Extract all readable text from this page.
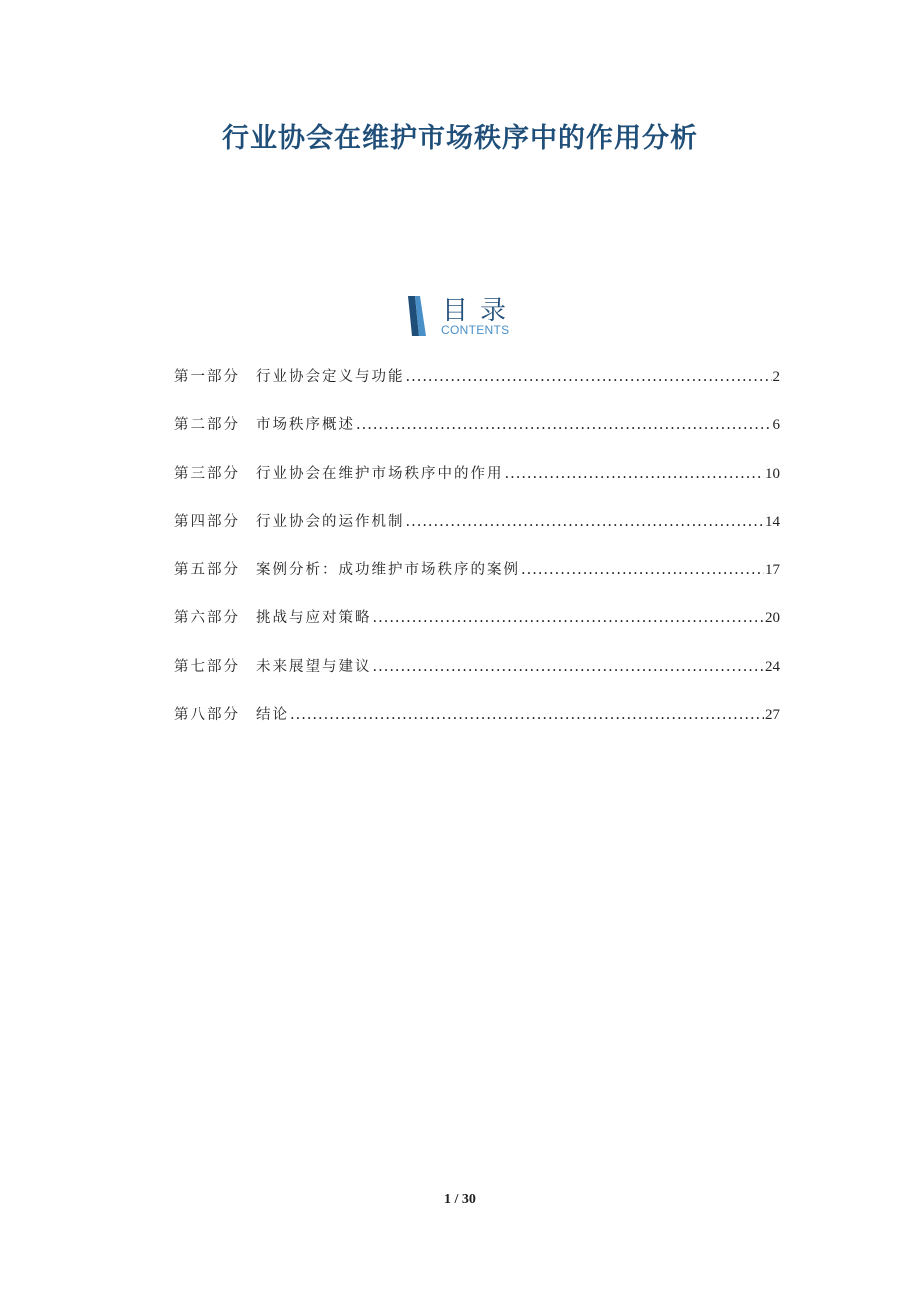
行业协会在维护市场秩序中的作用分析
目录
CONTENTS
第一部分	行业协会定义与功能 .....	2
第二部分	市场秩序概述 .....	6
第三部分	行业协会在维护市场秩序中的作用 .....	10
第四部分	行业协会的运作机制 .....	14
第五部分	案例分析：成功维护市场秩序的案例 .....	17
第六部分	挑战与应对策略 .....	20
第七部分	未来展望与建议 .....	24
第八部分	结论 .....	27
1 / 30
